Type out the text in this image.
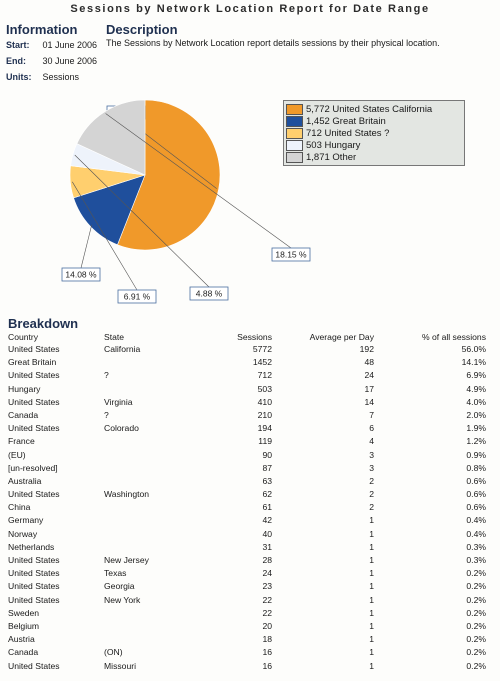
Sessions by Network Location Report for Date Range
Information Description
Start: 01 June 2006 The Sessions by Network Location report details sessions by their physical location.
End: 30 June 2006
Units: Sessions
14.08 %
6.91 %	4.88 %
18.15 %
5,772 United States California
1,452 Great Britain
712 United States ?
503 Hungary
1,871 Other
Breakdown
Country	State	Sessions	Average per Day	% of all sessions
United States	California	5772	192	56.0%
Great Britain		1452	48	14.1%
United States	?	712	24	6.9%
Hungary		503	17	4.9%
United States	Virginia	410	14	4.0%
Canada	?	210	7	2.0%
United States	Colorado	194	6	1.9%
France		119	4	1.2%
(EU)		90	3	0.9%
[un-resolved]		87	3	0.8%
Australia		63	2	0.6%
United States	Washington	62	2	0.6%
China		61	2	0.6%
Germany		42	1	0.4%
Norway		40	1	0.4%
Netherlands		31	1	0.3%
United States	New Jersey	28	1	0.3%
United States	Texas	24	1	0.2%
United States	Georgia	23	1	0.2%
United States	New York	22	1	0.2%
Sweden		22	1	0.2%
Belgium		20	1	0.2%
Austria		18	1	0.2%
Canada	(ON)	16	1	0.2%
United States	Missouri	16	1	0.2%
